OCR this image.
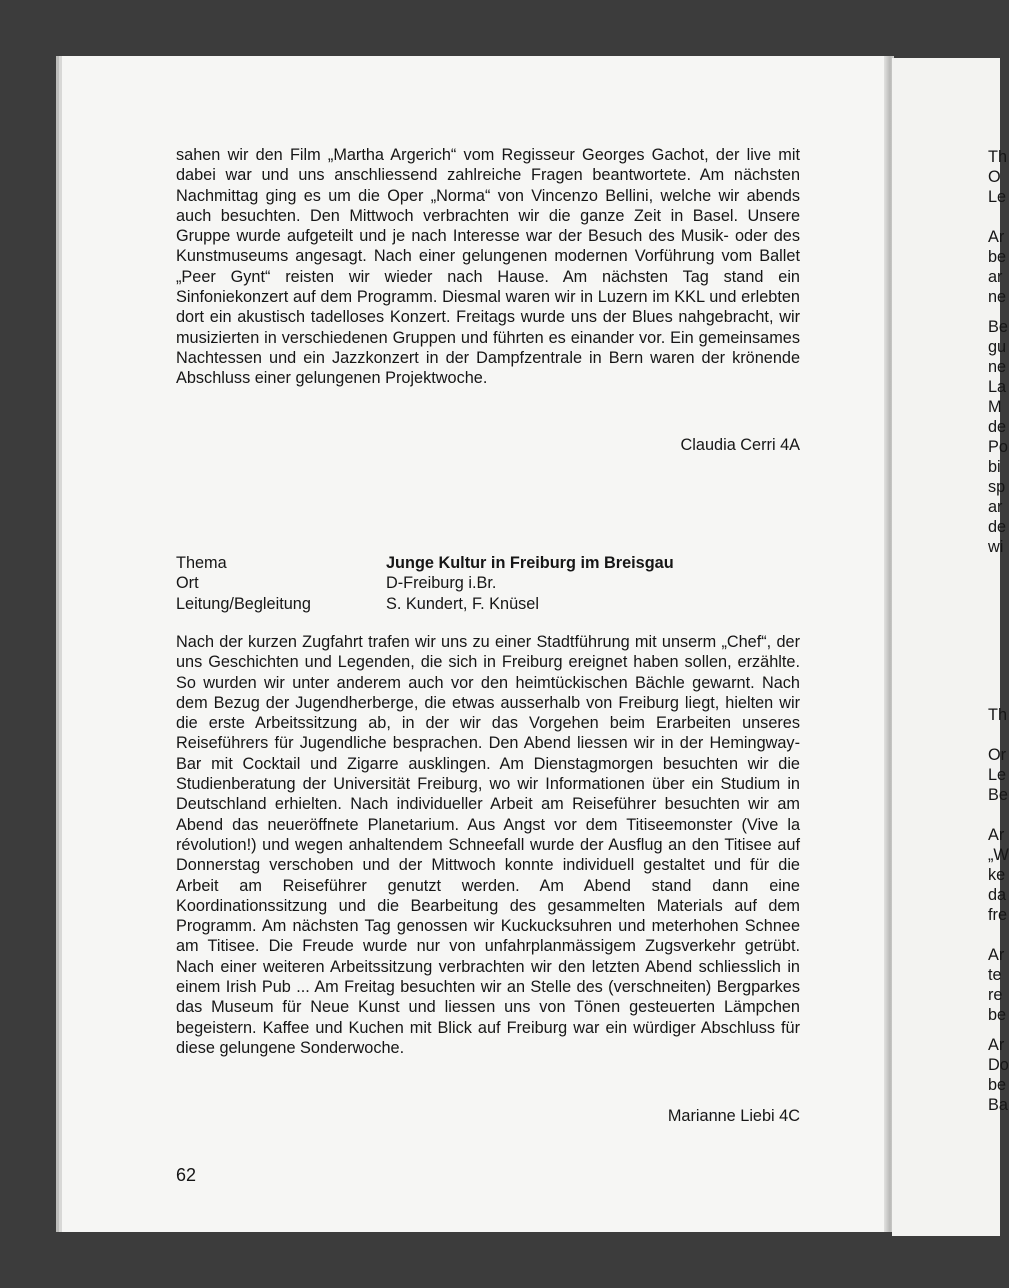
sahen wir den Film „Martha Argerich“ vom Regisseur Georges Gachot, der live mit dabei war und uns anschliessend zahlreiche Fragen beantwortete. Am nächsten Nachmittag ging es um die Oper „Norma“ von Vincenzo Bellini, welche wir abends auch besuchten. Den Mittwoch verbrachten wir die ganze Zeit in Basel. Unsere Gruppe wurde aufgeteilt und je nach Interesse war der Besuch des Musik- oder des Kunstmuseums angesagt. Nach einer gelungenen modernen Vorführung vom Ballet „Peer Gynt“ reisten wir wieder nach Hause. Am nächsten Tag stand ein Sinfoniekonzert auf dem Programm. Diesmal waren wir in Luzern im KKL und erlebten dort ein akustisch tadelloses Konzert. Freitags wurde uns der Blues nahgebracht, wir musizierten in verschiedenen Gruppen und führten es einander vor. Ein gemeinsames Nachtessen und ein Jazzkonzert in der Dampfzentrale in Bern waren der krönende Abschluss einer gelungenen Projektwoche.

Claudia Cerri 4A
Thema	Junge Kultur in Freiburg im Breisgau
Ort	D-Freiburg i.Br.
Leitung/Begleitung	S. Kundert, F. Knüsel

Nach der kurzen Zugfahrt trafen wir uns zu einer Stadtführung mit unserm „Chef“, der uns Geschichten und Legenden, die sich in Freiburg ereignet haben sollen, erzählte. So wurden wir unter anderem auch vor den heimtückischen Bächle gewarnt. Nach dem Bezug der Jugendherberge, die etwas ausserhalb von Freiburg liegt, hielten wir die erste Arbeitssitzung ab, in der wir das Vorgehen beim Erarbeiten unseres Reiseführers für Jugendliche besprachen. Den Abend liessen wir in der Hemingway-Bar mit Cocktail und Zigarre ausklingen. Am Dienstagmorgen besuchten wir die Studienberatung der Universität Freiburg, wo wir Informationen über ein Studium in Deutschland erhielten. Nach individueller Arbeit am Reiseführer besuchten wir am Abend das neueröffnete Planetarium. Aus Angst vor dem Titiseemonster (Vive la révolution!) und wegen anhaltendem Schneefall wurde der Ausflug an den Titisee auf Donnerstag verschoben und der Mittwoch konnte individuell gestaltet und für die Arbeit am Reiseführer genutzt werden. Am Abend stand dann eine Koordinationssitzung und die Bearbeitung des gesammelten Materials auf dem Programm. Am nächsten Tag genossen wir Kuckucksuhren und meterhohen Schnee am Titisee. Die Freude wurde nur von unfahrplanmässigem Zugsverkehr getrübt. Nach einer weiteren Arbeitssitzung verbrachten wir den letzten Abend schliesslich in einem Irish Pub ... Am Freitag besuchten wir an Stelle des (verschneiten) Bergparkes das Museum für Neue Kunst und liessen uns von Tönen gesteuerten Lämpchen begeistern. Kaffee und Kuchen mit Blick auf Freiburg war ein würdiger Abschluss für diese gelungene Sonderwoche.

Marianne Liebi 4C
62
Th
O
Le
Ar
be
ar
ne
Be
gu
ne
La
M
de
Po
bi
sp
ar
de
wi
Th
Or
Le
Be
Ar
„W
ke
da
fre
Ar
te
re
be
Ar
Do
be
Ba
